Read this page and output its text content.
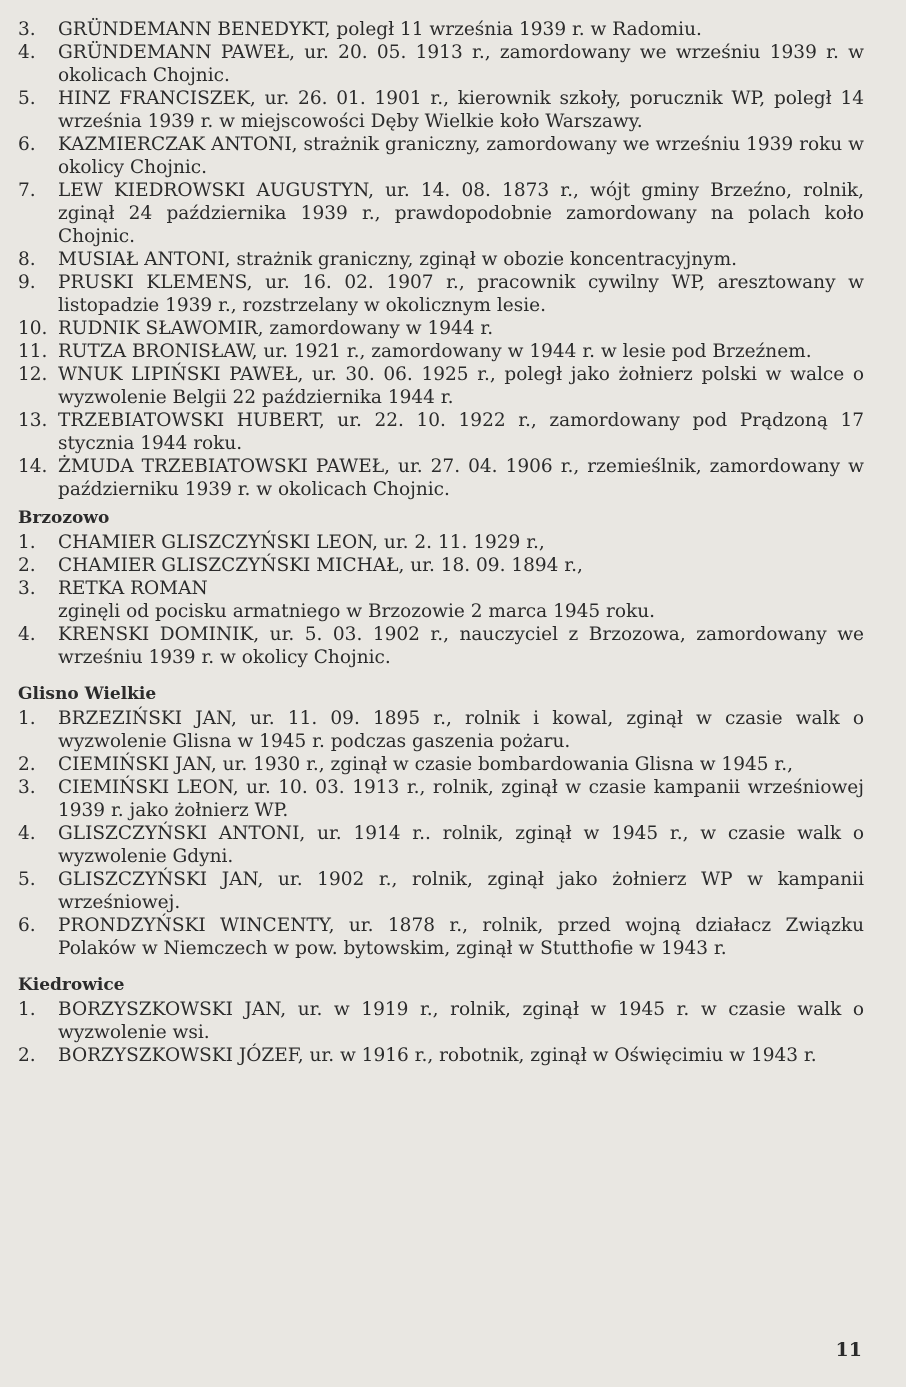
3.	GRÜNDEMANN BENEDYKT, poległ 11 września 1939 r. w Radomiu.
4.	GRÜNDEMANN PAWEŁ, ur. 20. 05. 1913 r., zamordowany we wrześniu 1939 r. w okolicach Chojnic.
5.	HINZ FRANCISZEK, ur. 26. 01. 1901 r., kierownik szkoły, porucznik WP, poległ 14 września 1939 r. w miejscowości Dęby Wielkie koło Warszawy.
6.	KAZMIERCZAK ANTONI, strażnik graniczny, zamordowany we wrześniu 1939 roku w okolicy Chojnic.
7.	LEW KIEDROWSKI AUGUSTYN, ur. 14. 08. 1873 r., wójt gminy Brzeźno, rolnik, zginął 24 października 1939 r., prawdopodobnie zamordowany na polach koło Chojnic.
8.	MUSIAŁ ANTONI, strażnik graniczny, zginął w obozie koncentracyjnym.
9.	PRUSKI KLEMENS, ur. 16. 02. 1907 r., pracownik cywilny WP, aresztowany w listopadzie 1939 r., rozstrzelany w okolicznym lesie.
10. RUDNIK SŁAWOMIR, zamordowany w 1944 r.
11. RUTZA BRONISŁAW, ur. 1921 r., zamordowany w 1944 r. w lesie pod Brzeźnem.
12. WNUK LIPIŃSKI PAWEŁ, ur. 30. 06. 1925 r., poległ jako żołnierz polski w walce o wyzwolenie Belgii 22 października 1944 r.
13. TRZEBIATOWSKI HUBERT, ur. 22. 10. 1922 r., zamordowany pod Prądzoną 17 stycznia 1944 roku.
14. ŻMUDA TRZEBIATOWSKI PAWEŁ, ur. 27. 04. 1906 r., rzemieślnik, zamordowany w październiku 1939 r. w okolicach Chojnic.
Brzozowo
1.	CHAMIER GLISZCZYŃSKI LEON, ur. 2. 11. 1929 r.,
2.	CHAMIER GLISZCZYŃSKI MICHAŁ, ur. 18. 09. 1894 r.,
3.	RETKA ROMAN
zginęli od pocisku armatniego w Brzozowie 2 marca 1945 roku.
4.	KRENSKI DOMINIK, ur. 5. 03. 1902 r., nauczyciel z Brzozowa, zamordowany we wrześniu 1939 r. w okolicy Chojnic.
Glisno Wielkie
1.	BRZEZIŃSKI JAN, ur. 11. 09. 1895 r., rolnik i kowal, zginął w czasie walk o wyzwolenie Glisna w 1945 r. podczas gaszenia pożaru.
2.	CIEMIŃSKI JAN, ur. 1930 r., zginął w czasie bombardowania Glisna w 1945 r.,
3.	CIEMIŃSKI LEON, ur. 10. 03. 1913 r., rolnik, zginął w czasie kampanii wrześniowej 1939 r. jako żołnierz WP.
4.	GLISZCZYŃSKI ANTONI, ur. 1914 r.. rolnik, zginął w 1945 r., w czasie walk o wyzwolenie Gdyni.
5.	GLISZCZYŃSKI JAN, ur. 1902 r., rolnik, zginął jako żołnierz WP w kampanii wrześniowej.
6.	PRONDZYŃSKI WINCENTY, ur. 1878 r., rolnik, przed wojną działacz Związku Polaków w Niemczech w pow. bytowskim, zginął w Stutthofie w 1943 r.
Kiedrowice
1.	BORZYSZKOWSKI JAN, ur. w 1919 r., rolnik, zginął w 1945 r. w czasie walk o wyzwolenie wsi.
2.	BORZYSZKOWSKI JÓZEF, ur. w 1916 r., robotnik, zginął w Oświęcimiu w 1943 r.
11
